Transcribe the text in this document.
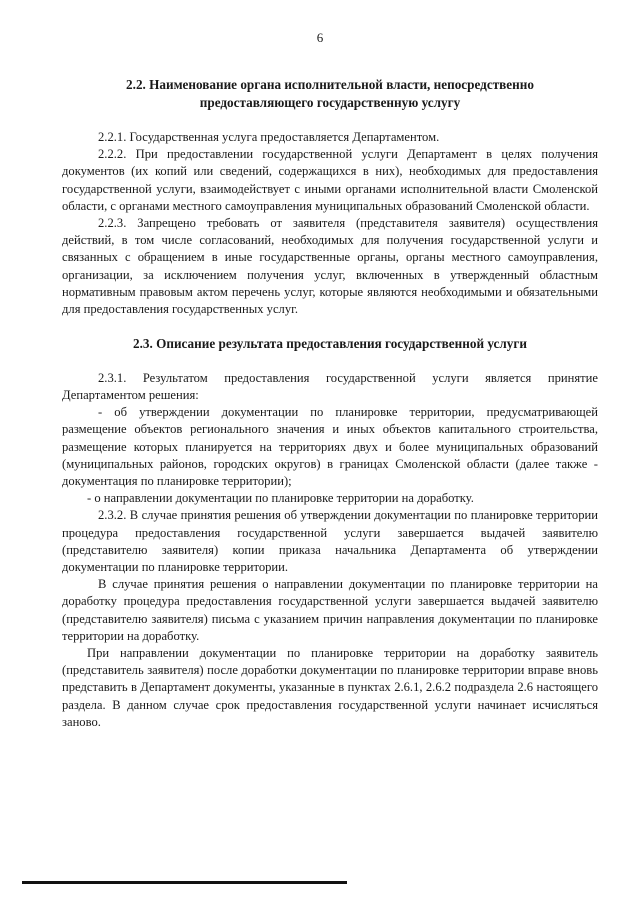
6
2.2. Наименование органа исполнительной власти, непосредственно
предоставляющего государственную услугу

2.2.1. Государственная услуга предоставляется Департаментом.

2.2.2. При предоставлении государственной услуги Департамент в целях получения документов (их копий или сведений, содержащихся в них), необходимых для предоставления государственной услуги, взаимодействует с иными органами исполнительной власти Смоленской области, с органами местного самоуправления муниципальных образований Смоленской области.

2.2.3. Запрещено требовать от заявителя (представителя заявителя) осуществления действий, в том числе согласований, необходимых для получения государственной услуги и связанных с обращением в иные государственные органы, органы местного самоуправления, организации, за исключением получения услуг, включенных в утвержденный областным нормативным правовым актом перечень услуг, которые являются необходимыми и обязательными для предоставления государственных услуг.

2.3. Описание результата предоставления государственной услуги

2.3.1. Результатом предоставления государственной услуги является принятие Департаментом решения:

- об утверждении документации по планировке территории, предусматривающей размещение объектов регионального значения и иных объектов капитального строительства, размещение которых планируется на территориях двух и более муниципальных образований (муниципальных районов, городских округов) в границах Смоленской области (далее также - документация по планировке территории);

- о направлении документации по планировке территории на доработку.

2.3.2. В случае принятия решения об утверждении документации по планировке территории процедура предоставления государственной услуги завершается выдачей заявителю (представителю заявителя) копии приказа начальника Департамента об утверждении документации по планировке территории.

В случае принятия решения о направлении документации по планировке территории на доработку процедура предоставления государственной услуги завершается выдачей заявителю (представителю заявителя) письма с указанием причин направления документации по планировке территории на доработку.

При направлении документации по планировке территории на доработку заявитель (представитель заявителя) после доработки документации по планировке территории вправе вновь представить в Департамент документы, указанные в пунктах 2.6.1, 2.6.2 подраздела 2.6 настоящего раздела. В данном случае срок предоставления государственной услуги начинает исчисляться заново.
